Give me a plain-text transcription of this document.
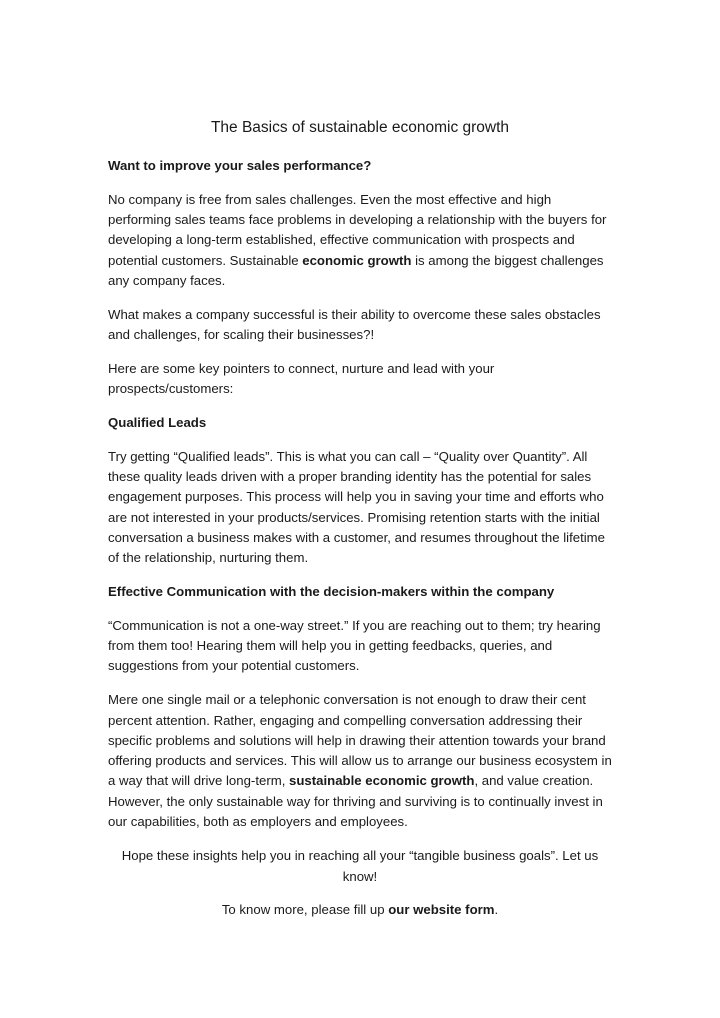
The Basics of sustainable economic growth

Want to improve your sales performance?

No company is free from sales challenges. Even the most effective and high performing sales teams face problems in developing a relationship with the buyers for developing a long-term established, effective communication with prospects and potential customers. Sustainable economic growth is among the biggest challenges any company faces.

What makes a company successful is their ability to overcome these sales obstacles and challenges, for scaling their businesses?!

Here are some key pointers to connect, nurture and lead with your prospects/customers:

Qualified Leads

Try getting “Qualified leads”. This is what you can call – “Quality over Quantity”. All these quality leads driven with a proper branding identity has the potential for sales engagement purposes. This process will help you in saving your time and efforts who are not interested in your products/services. Promising retention starts with the initial conversation a business makes with a customer, and resumes throughout the lifetime of the relationship, nurturing them.

Effective Communication with the decision-makers within the company

“Communication is not a one-way street.” If you are reaching out to them; try hearing from them too! Hearing them will help you in getting feedbacks, queries, and suggestions from your potential customers.

Mere one single mail or a telephonic conversation is not enough to draw their cent percent attention. Rather, engaging and compelling conversation addressing their specific problems and solutions will help in drawing their attention towards your brand offering products and services. This will allow us to arrange our business ecosystem in a way that will drive long-term, sustainable economic growth, and value creation. However, the only sustainable way for thriving and surviving is to continually invest in our capabilities, both as employers and employees.

Hope these insights help you in reaching all your “tangible business goals”. Let us know!

To know more, please fill up our website form.
